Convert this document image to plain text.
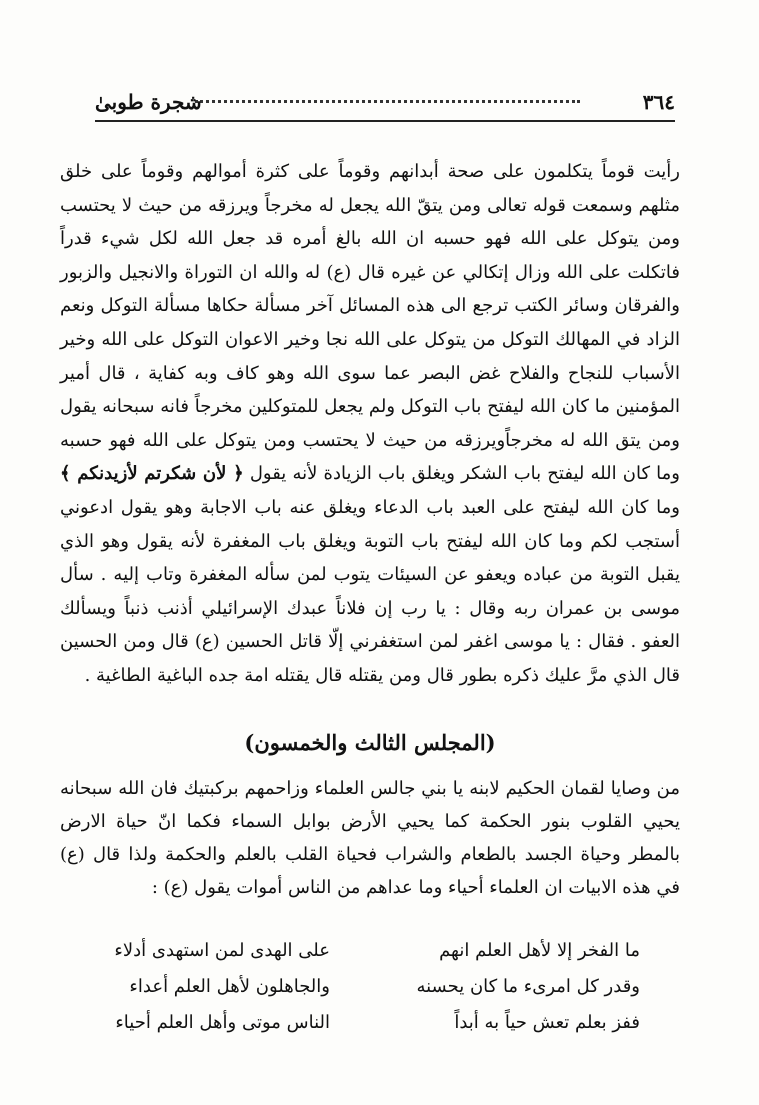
٣٦٤
شجرة طوبىٰ

رأيت قوماً يتكلمون على صحة أبدانهم وقوماً على كثرة أموالهم وقوماً على خلق مثلهم وسمعت قوله تعالى ومن يتقّ الله يجعل له مخرجاً ويرزقه من حيث لا يحتسب ومن يتوكل على الله فهو حسبه ان الله بالغ أمره قد جعل الله لكل شيء قدراً فاتكلت على الله وزال إتكالي عن غيره قال (ع) له والله ان التوراة والانجيل والزبور والفرقان وسائر الكتب ترجع الى هذه المسائل آخر مسألة حكاها مسألة التوكل ونعم الزاد في المهالك التوكل من يتوكل على الله نجا وخير الاعوان التوكل على الله وخير الأسباب للنجاح والفلاح غض البصر عما سوى الله وهو كاف وبه كفاية ، قال أمير المؤمنين ما كان الله ليفتح باب التوكل ولم يجعل للمتوكلين مخرجاً فانه سبحانه يقول ومن يتق الله له مخرجاًويرزقه من حيث لا يحتسب ومن يتوكل على الله فهو حسبه وما كان الله ليفتح باب الشكر ويغلق باب الزيادة لأنه يقول ﴿ لأن شكرتم لأزيدنكم ﴾ وما كان الله ليفتح على العبد باب الدعاء ويغلق عنه باب الاجابة وهو يقول ادعوني أستجب لكم وما كان الله ليفتح باب التوبة ويغلق باب المغفرة لأنه يقول وهو الذي يقبل التوبة من عباده ويعفو عن السيئات يتوب لمن سأله المغفرة وتاب إليه . سأل موسى بن عمران ربه وقال : يا رب إن فلاناً عبدك الإسرائيلي أذنب ذنباً ويسألك العفو . فقال : يا موسى اغفر لمن استغفرني إلّا قاتل الحسين (ع) قال ومن الحسين قال الذي مرَّ عليك ذكره بطور قال ومن يقتله قال يقتله امة جده الباغية الطاغية .

(المجلس الثالث والخمسون)

من وصايا لقمان الحكيم لابنه يا بني جالس العلماء وزاحمهم بركبتيك فان الله سبحانه يحيي القلوب بنور الحكمة كما يحيي الأرض بوابل السماء فكما انّ حياة الارض بالمطر وحياة الجسد بالطعام والشراب فحياة القلب بالعلم والحكمة ولذا قال (ع) في هذه الابيات ان العلماء أحياء وما عداهم من الناس أموات يقول (ع) :

ما الفخر إلا لأهل العلم انهم
على الهدى لمن استهدى أدلاء
وقدر كل امرىء ما كان يحسنه
والجاهلون لأهل العلم أعداء
ففز بعلم تعش حياً به أبداً
الناس موتى وأهل العلم أحياء
